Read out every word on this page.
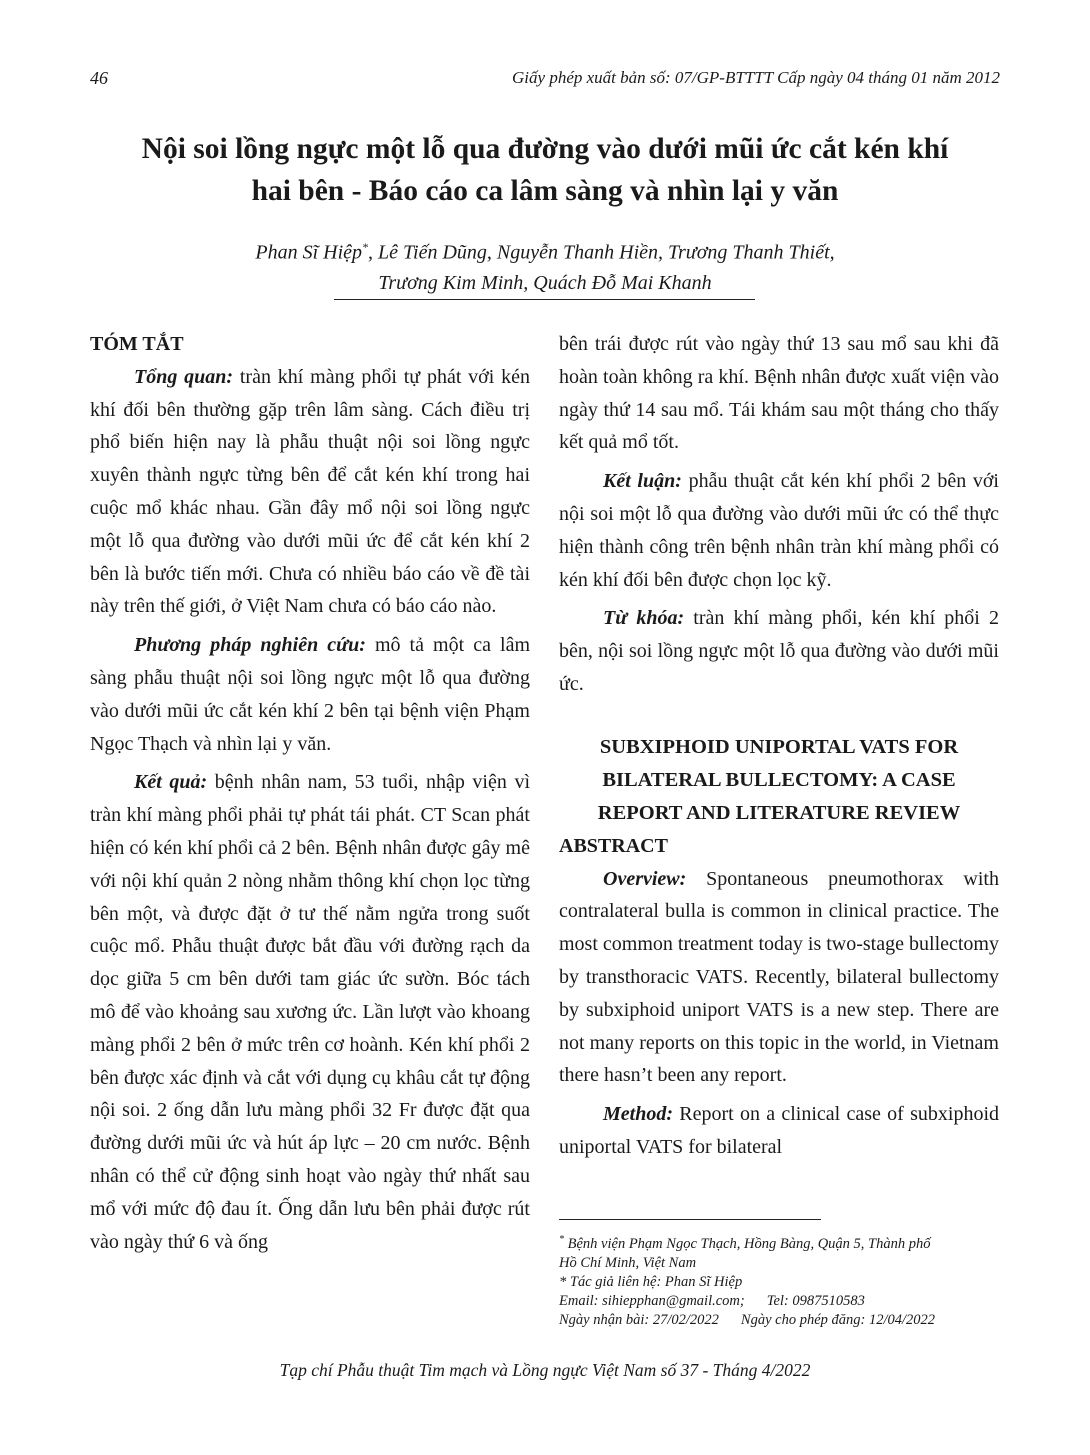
46	Giấy phép xuất bản số: 07/GP-BTTTT Cấp ngày 04 tháng 01 năm 2012
Nội soi lồng ngực một lỗ qua đường vào dưới mũi ức cắt kén khí
hai bên - Báo cáo ca lâm sàng và nhìn lại y văn
Phan Sĩ Hiệp*, Lê Tiến Dũng, Nguyễn Thanh Hiền, Trương Thanh Thiết,
Trương Kim Minh, Quách Đỗ Mai Khanh

TÓM TẮT

Tổng quan: tràn khí màng phổi tự phát với kén khí đối bên thường gặp trên lâm sàng. Cách điều trị phổ biến hiện nay là phẫu thuật nội soi lồng ngực xuyên thành ngực từng bên để cắt kén khí trong hai cuộc mổ khác nhau. Gần đây mổ nội soi lồng ngực một lỗ qua đường vào dưới mũi ức để cắt kén khí 2 bên là bước tiến mới. Chưa có nhiều báo cáo về đề tài này trên thế giới, ở Việt Nam chưa có báo cáo nào.

Phương pháp nghiên cứu: mô tả một ca lâm sàng phẫu thuật nội soi lồng ngực một lỗ qua đường vào dưới mũi ức cắt kén khí 2 bên tại bệnh viện Phạm Ngọc Thạch và nhìn lại y văn.

Kết quả: bệnh nhân nam, 53 tuổi, nhập viện vì tràn khí màng phổi phải tự phát tái phát. CT Scan phát hiện có kén khí phổi cả 2 bên. Bệnh nhân được gây mê với nội khí quản 2 nòng nhằm thông khí chọn lọc từng bên một, và được đặt ở tư thế nằm ngửa trong suốt cuộc mổ. Phẫu thuật được bắt đầu với đường rạch da dọc giữa 5 cm bên dưới tam giác ức sườn. Bóc tách mô để vào khoảng sau xương ức. Lần lượt vào khoang màng phổi 2 bên ở mức trên cơ hoành. Kén khí phổi 2 bên được xác định và cắt với dụng cụ khâu cắt tự động nội soi. 2 ống dẫn lưu màng phổi 32 Fr được đặt qua đường dưới mũi ức và hút áp lực – 20 cm nước. Bệnh nhân có thể cử động sinh hoạt vào ngày thứ nhất sau mổ với mức độ đau ít. Ống dẫn lưu bên phải được rút vào ngày thứ 6 và ống

bên trái được rút vào ngày thứ 13 sau mổ sau khi đã hoàn toàn không ra khí. Bệnh nhân được xuất viện vào ngày thứ 14 sau mổ. Tái khám sau một tháng cho thấy kết quả mổ tốt.

Kết luận: phẫu thuật cắt kén khí phổi 2 bên với nội soi một lỗ qua đường vào dưới mũi ức có thể thực hiện thành công trên bệnh nhân tràn khí màng phổi có kén khí đối bên được chọn lọc kỹ.

Từ khóa: tràn khí màng phổi, kén khí phổi 2 bên, nội soi lồng ngực một lỗ qua đường vào dưới mũi ức.

SUBXIPHOID UNIPORTAL VATS FOR
BILATERAL BULLECTOMY: A CASE
REPORT AND LITERATURE REVIEW

ABSTRACT

Overview: Spontaneous pneumothorax with contralateral bulla is common in clinical practice. The most common treatment today is two-stage bullectomy by transthoracic VATS. Recently, bilateral bullectomy by subxiphoid uniport VATS is a new step. There are not many reports on this topic in the world, in Vietnam there hasn’t been any report.

Method: Report on a clinical case of subxiphoid uniportal VATS for bilateral

* Bệnh viện Phạm Ngọc Thạch, Hồng Bàng, Quận 5, Thành phố
Hồ Chí Minh, Việt Nam
* Tác giả liên hệ: Phan Sĩ Hiệp
Email: sihiepphan@gmail.com; Tel: 0987510583
Ngày nhận bài: 27/02/2022 Ngày cho phép đăng: 12/04/2022
Tạp chí Phẫu thuật Tim mạch và Lồng ngực Việt Nam số 37 - Tháng 4/2022
